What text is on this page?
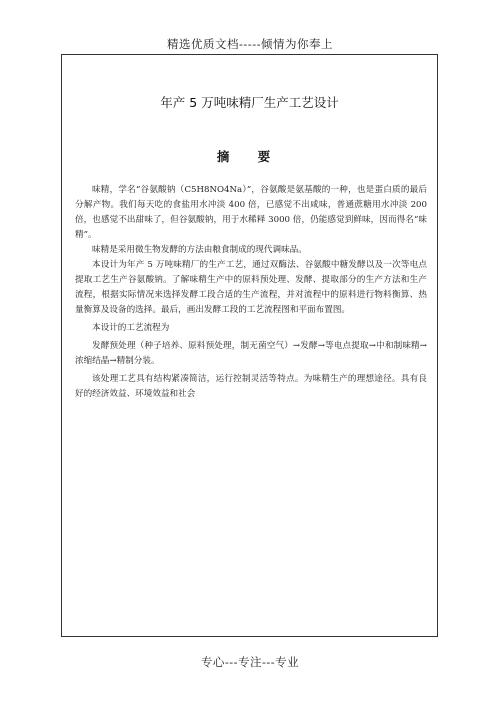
精选优质文档-----倾情为你奉上
年产 5 万吨味精厂生产工艺设计
摘 要

味精，学名“谷氨酸钠（C5H8NO4Na）”，谷氨酸是氨基酸的一种，也是蛋白质的最后分解产物。我们每天吃的食盐用水冲淡 400 倍，已感觉不出咸味，普通蔗糖用水冲淡 200 倍，也感觉不出甜味了，但谷氨酸钠，用于水稀释 3000 倍，仍能感觉到鲜味，因而得名“味精”。

味精是采用微生物发酵的方法由粮食制成的现代调味品。

本设计为年产 5 万吨味精厂的生产工艺，通过双酶法、谷氨酸中糖发酵以及一次等电点提取工艺生产谷氨酸钠。了解味精生产中的原料预处理、发酵、提取部分的生产方法和生产流程，根据实际情况来选择发酵工段合适的生产流程，并对流程中的原料进行物料衡算、热量衡算及设备的选择。最后，画出发酵工段的工艺流程图和平面布置图。

本设计的工艺流程为

发酵预处理（种子培养、原料预处理，制无菌空气）→发酵→等电点提取→中和制味精→浓缩结晶→精制分装。

该处理工艺具有结构紧凑简洁，运行控制灵活等特点。为味精生产的理想途径。具有良好的经济效益、环境效益和社会

专心---专注---专业
